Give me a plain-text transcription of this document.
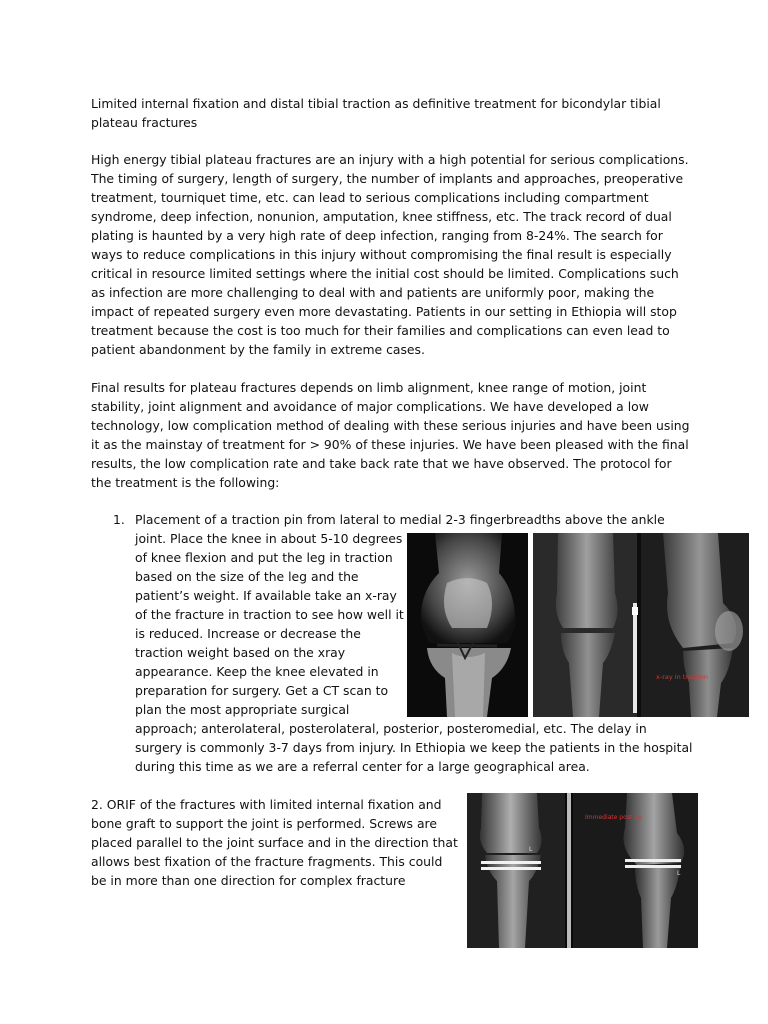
Limited internal fixation and distal tibial traction as definitive treatment for bicondylar tibial plateau fractures

High energy tibial plateau fractures are an injury with a high potential for serious complications. The timing of surgery, length of surgery, the number of implants and approaches, preoperative treatment, tourniquet time, etc. can lead to serious complications including compartment syndrome, deep infection, nonunion, amputation, knee stiffness, etc. The track record of dual plating is haunted by a very high rate of deep infection, ranging from 8-24%. The search for ways to reduce complications in this injury without compromising the final result is especially critical in resource limited settings where the initial cost should be limited. Complications such as infection are more challenging to deal with and patients are uniformly poor, making the impact of repeated surgery even more devastating. Patients in our setting in Ethiopia will stop treatment because the cost is too much for their families and complications can even lead to patient abandonment by the family in extreme cases.

Final results for plateau fractures depends on limb alignment, knee range of motion, joint stability, joint alignment and avoidance of major complications. We have developed a low technology, low complication method of dealing with these serious injuries and have been using it as the mainstay of treatment for > 90% of these injuries. We have been pleased with the final results, the low complication rate and take back rate that we have observed. The protocol for the treatment is the following:

1. Placement of a traction pin from lateral to medial 2-3 fingerbreadths above the ankle

joint. Place the knee in about 5-10 degrees of knee flexion and put the leg in traction based on the size of the leg and the patient’s weight. If available take an x-ray of the fracture in traction to see how well it is reduced. Increase or decrease the traction weight based on the xray appearance. Keep the knee elevated in preparation for surgery. Get a CT scan to plan the most appropriate surgical

approach; anterolateral, posterolateral, posterior, posteromedial, etc. The delay in surgery is commonly 3-7 days from injury. In Ethiopia we keep the patients in the hospital during this time as we are a referral center for a large geographical area.

x-ray in traction

2. ORIF of the fractures with limited internal fixation and bone graft to support the joint is performed. Screws are placed parallel to the joint surface and in the direction that allows best fixation of the fracture fragments. This could be in more than one direction for complex fracture

Immediate post-op
L
L
